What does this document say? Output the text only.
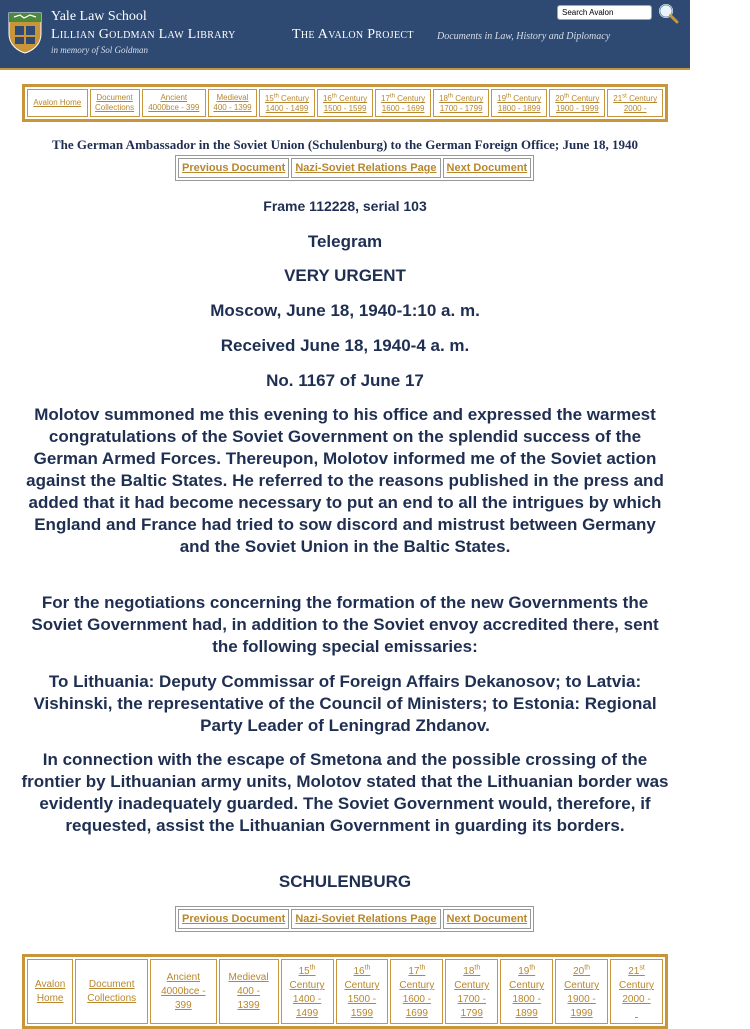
Yale Law School
Lillian Goldman Law Library
in memory of Sol Goldman
The Avalon Project Documents in Law, History and Diplomacy
Search Avalon
Avalon Home	Document
Collections	Ancient
4000bce - 399	Medieval
400 - 1399	15th Century
1400 - 1499	16th Century
1500 - 1599	17th Century
1600 - 1699	18th Century
1700 - 1799	19th Century
1800 - 1899	20th Century
1900 - 1999	21st Century
2000 -
The German Ambassador in the Soviet Union (Schulenburg) to the German Foreign Office; June 18, 1940
Previous Document	Nazi-Soviet Relations Page	Next Document
Frame 112228, serial 103
Telegram
VERY URGENT
Moscow, June 18, 1940-1:10 a. m.
Received June 18, 1940-4 a. m.
No. 1167 of June 17

Molotov summoned me this evening to his office and expressed the warmest congratulations of the Soviet Government on the splendid success of the German Armed Forces. Thereupon, Molotov informed me of the Soviet action against the Baltic States. He referred to the reasons published in the press and added that it had become necessary to put an end to all the intrigues by which England and France had tried to sow discord and mistrust between Germany and the Soviet Union in the Baltic States.

For the negotiations concerning the formation of the new Governments the Soviet Government had, in addition to the Soviet envoy accredited there, sent the following special emissaries:

To Lithuania: Deputy Commissar of Foreign Affairs Dekanosov; to Latvia: Vishinski, the representative of the Council of Ministers; to Estonia: Regional Party Leader of Leningrad Zhdanov.

In connection with the escape of Smetona and the possible crossing of the frontier by Lithuanian army units, Molotov stated that the Lithuanian border was evidently inadequately guarded. The Soviet Government would, therefore, if requested, assist the Lithuanian Government in guarding its borders.

SCHULENBURG
Previous Document	Nazi-Soviet Relations Page	Next Document
Avalon
Home	Document
Collections	Ancient
4000bce -
399	Medieval
400 -
1399	15th
Century
1400 -
1499	16th
Century
1500 -
1599	17th
Century
1600 -
1699	18th
Century
1700 -
1799	19th
Century
1800 -
1899	20th
Century
1900 -
1999	21st
Century
2000 -
